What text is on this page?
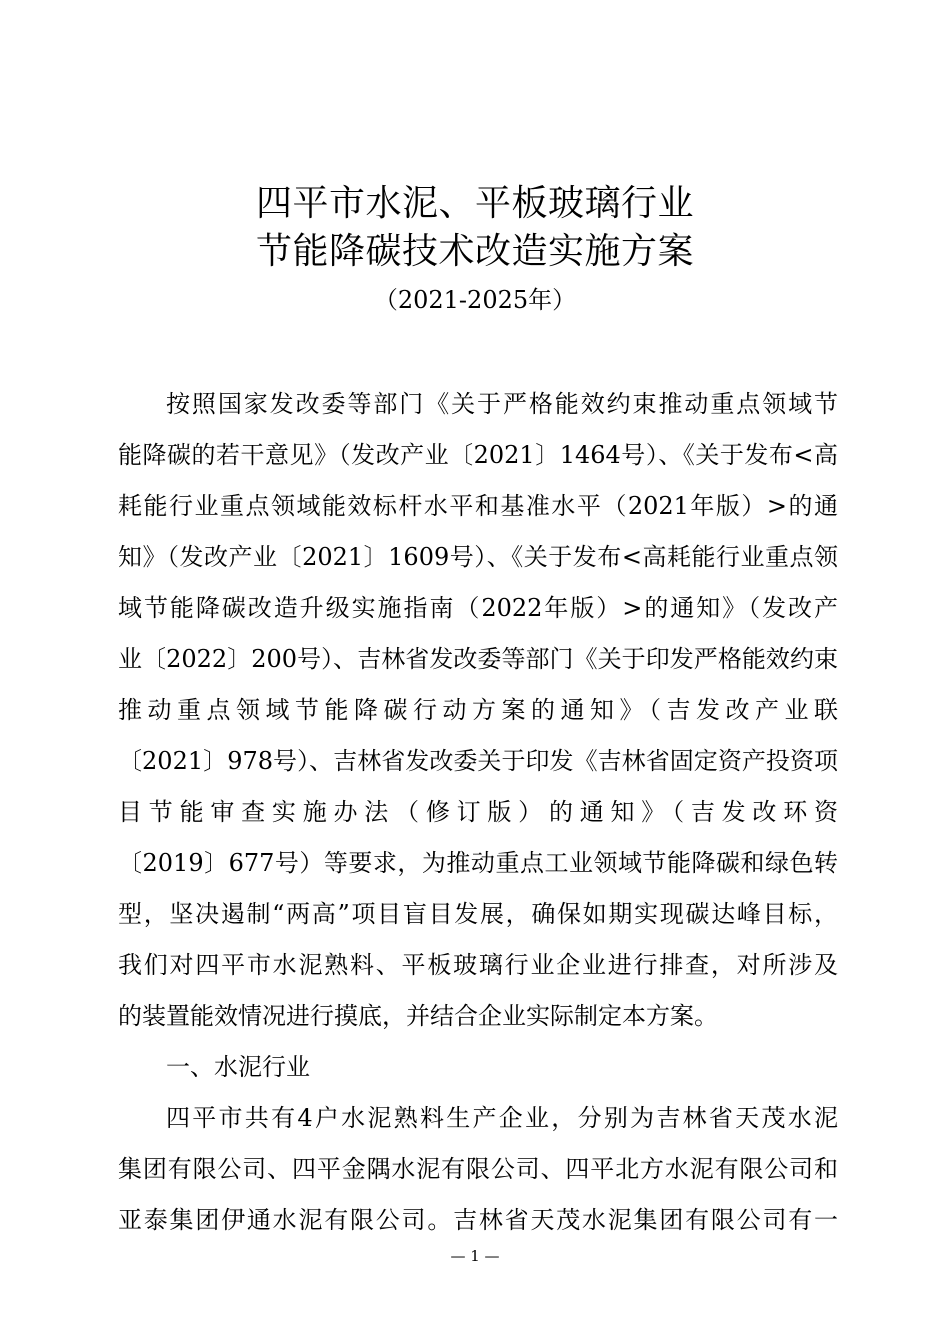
四平市水泥、平板玻璃行业
节能降碳技术改造实施方案
（2021-2025年）
按照国家发改委等部门《关于严格能效约束推动重点领域节
能降碳的若干意见》（发改产业〔2021〕1464号）、《关于发布<高
耗能行业重点领域能效标杆水平和基准水平（2021年版）>的通
知》（发改产业〔2021〕1609号）、《关于发布<高耗能行业重点领
域节能降碳改造升级实施指南（2022年版）>的通知》（发改产
业〔2022〕200号）、吉林省发改委等部门《关于印发严格能效约束
推动重点领域节能降碳行动方案的通知》（吉发改产业联
〔2021〕978号）、吉林省发改委关于印发《吉林省固定资产投资项
目节能审查实施办法（修订版）的通知》（吉发改环资
〔2019〕677号）等要求，为推动重点工业领域节能降碳和绿色转
型，坚决遏制“两高”项目盲目发展，确保如期实现碳达峰目标，
我们对四平市水泥熟料、平板玻璃行业企业进行排查，对所涉及
的装置能效情况进行摸底，并结合企业实际制定本方案。
一、水泥行业
四平市共有4户水泥熟料生产企业，分别为吉林省天茂水泥
集团有限公司、四平金隅水泥有限公司、四平北方水泥有限公司和
亚泰集团伊通水泥有限公司。吉林省天茂水泥集团有限公司有一
— 1 —
